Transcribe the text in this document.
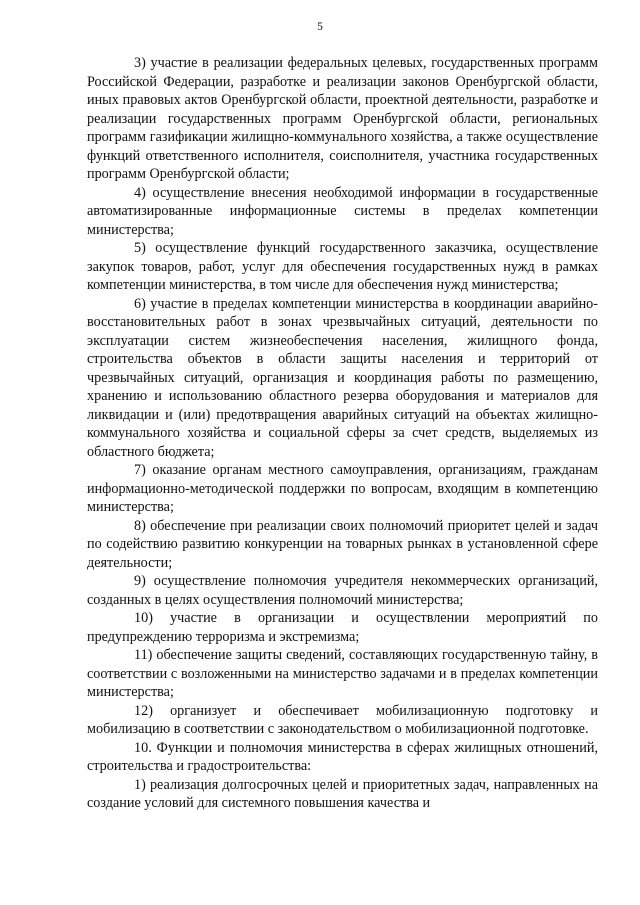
5

3) участие в реализации федеральных целевых, государственных программ Российской Федерации, разработке и реализации законов Оренбургской области, иных правовых актов Оренбургской области, проектной деятельности, разработке и реализации государственных программ Оренбургской области, региональных программ газификации жилищно-коммунального хозяйства, а также осуществление функций ответственного исполнителя, соисполнителя, участника государственных программ Оренбургской области;

4) осуществление внесения необходимой информации в государственные автоматизированные информационные системы в пределах компетенции министерства;

5) осуществление функций государственного заказчика, осуществление закупок товаров, работ, услуг для обеспечения государственных нужд в рамках компетенции министерства, в том числе для обеспечения нужд министерства;

6) участие в пределах компетенции министерства в координации аварийно-восстановительных работ в зонах чрезвычайных ситуаций, деятельности по эксплуатации систем жизнеобеспечения населения, жилищного фонда, строительства объектов в области защиты населения и территорий от чрезвычайных ситуаций, организация и координация работы по размещению, хранению и использованию областного резерва оборудования и материалов для ликвидации и (или) предотвращения аварийных ситуаций на объектах жилищно-коммунального хозяйства и социальной сферы за счет средств, выделяемых из областного бюджета;

7) оказание органам местного самоуправления, организациям, гражданам информационно-методической поддержки по вопросам, входящим в компетенцию министерства;

8) обеспечение при реализации своих полномочий приоритет целей и задач по содействию развитию конкуренции на товарных рынках в установленной сфере деятельности;

9) осуществление полномочия учредителя некоммерческих организаций, созданных в целях осуществления полномочий министерства;

10) участие в организации и осуществлении мероприятий по предупреждению терроризма и экстремизма;

11) обеспечение защиты сведений, составляющих государственную тайну, в соответствии с возложенными на министерство задачами и в пределах компетенции министерства;

12) организует и обеспечивает мобилизационную подготовку и мобилизацию в соответствии с законодательством о мобилизационной подготовке.

10. Функции и полномочия министерства в сферах жилищных отношений, строительства и градостроительства:

1) реализация долгосрочных целей и приоритетных задач, направленных на создание условий для системного повышения качества и
